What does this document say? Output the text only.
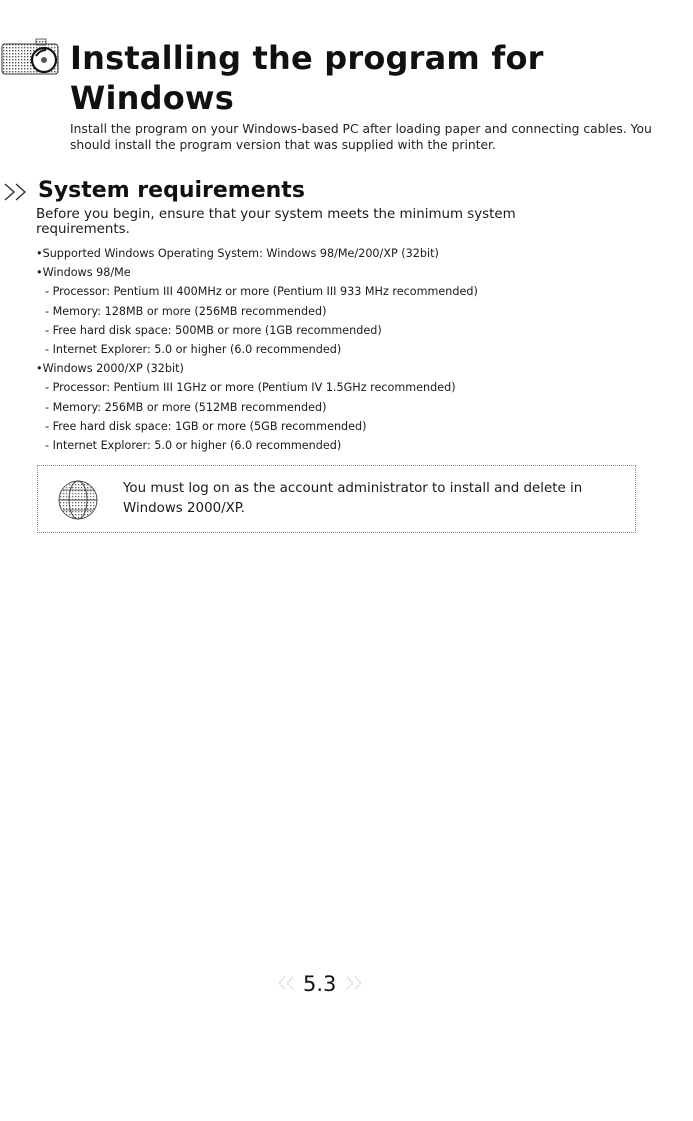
Installing the program for
Windows

Install the program on your Windows-based PC after loading paper and connecting cables. You should install the program version that was supplied with the printer.

System requirements

Before you begin, ensure that your system meets the minimum system requirements.

•Supported Windows Operating System: Windows 98/Me/200/XP (32bit)
•Windows 98/Me
- Processor: Pentium III 400MHz or more (Pentium III 933 MHz recommended)
- Memory: 128MB or more (256MB recommended)
- Free hard disk space: 500MB or more (1GB recommended)
- Internet Explorer: 5.0 or higher (6.0 recommended)
•Windows 2000/XP (32bit)
- Processor: Pentium III 1GHz or more (Pentium IV 1.5GHz recommended)
- Memory: 256MB or more (512MB recommended)
- Free hard disk space: 1GB or more (5GB recommended)
- Internet Explorer: 5.0 or higher (6.0 recommended)

You must log on as the account administrator to install and delete in Windows 2000/XP.

5.3
